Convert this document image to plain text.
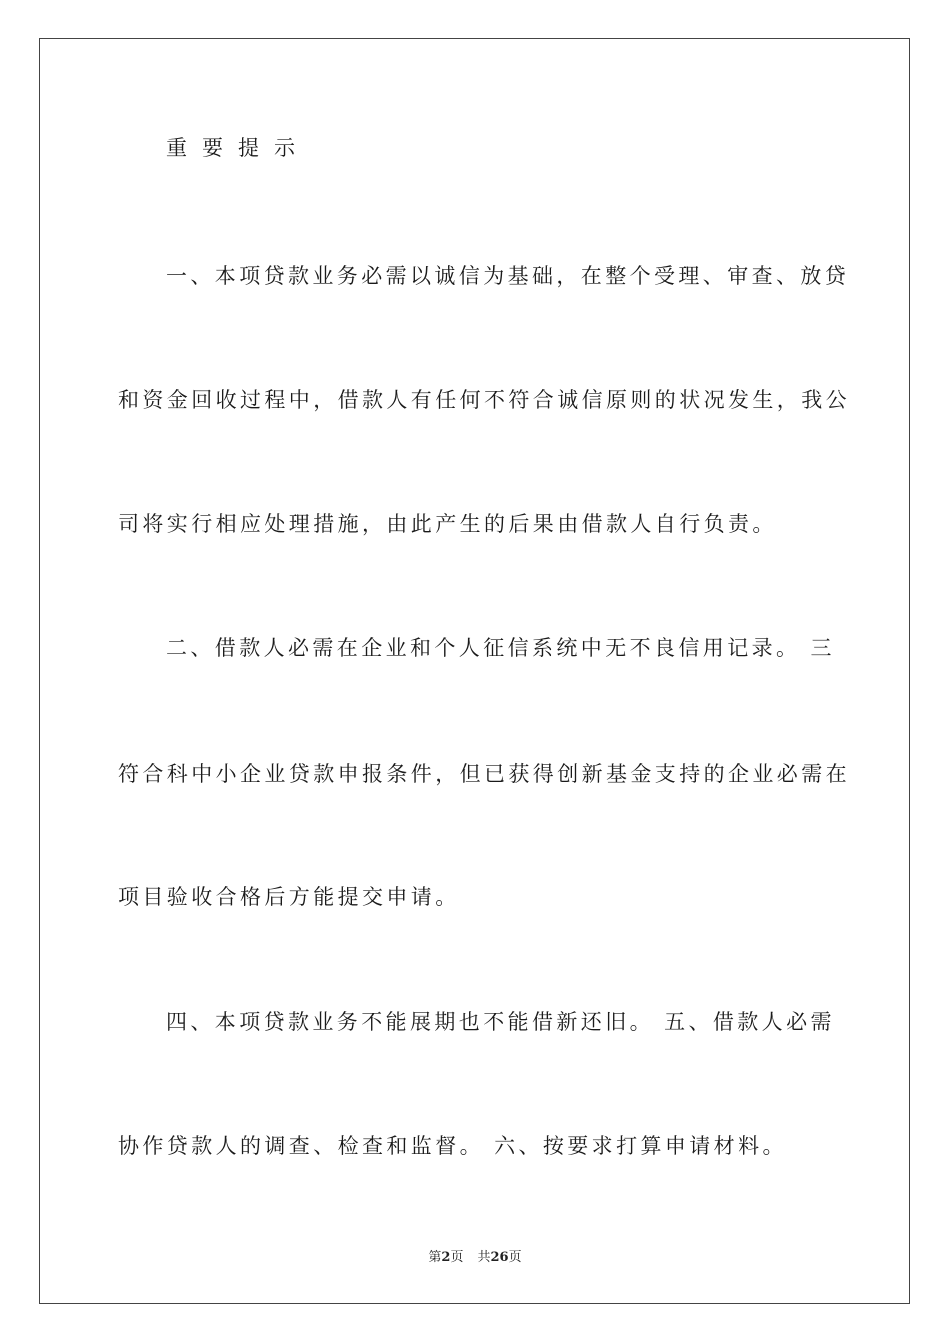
重要提示
一、本项贷款业务必需以诚信为基础，在整个受理、审查、放贷
和资金回收过程中，借款人有任何不符合诚信原则的状况发生，我公
司将实行相应处理措施，由此产生的后果由借款人自行负责。
二、借款人必需在企业和个人征信系统中无不良信用记录。 三
符合科中小企业贷款申报条件，但已获得创新基金支持的企业必需在
项目验收合格后方能提交申请。
四、本项贷款业务不能展期也不能借新还旧。 五、借款人必需
协作贷款人的调查、检查和监督。 六、按要求打算申请材料。
第2页 共26页
